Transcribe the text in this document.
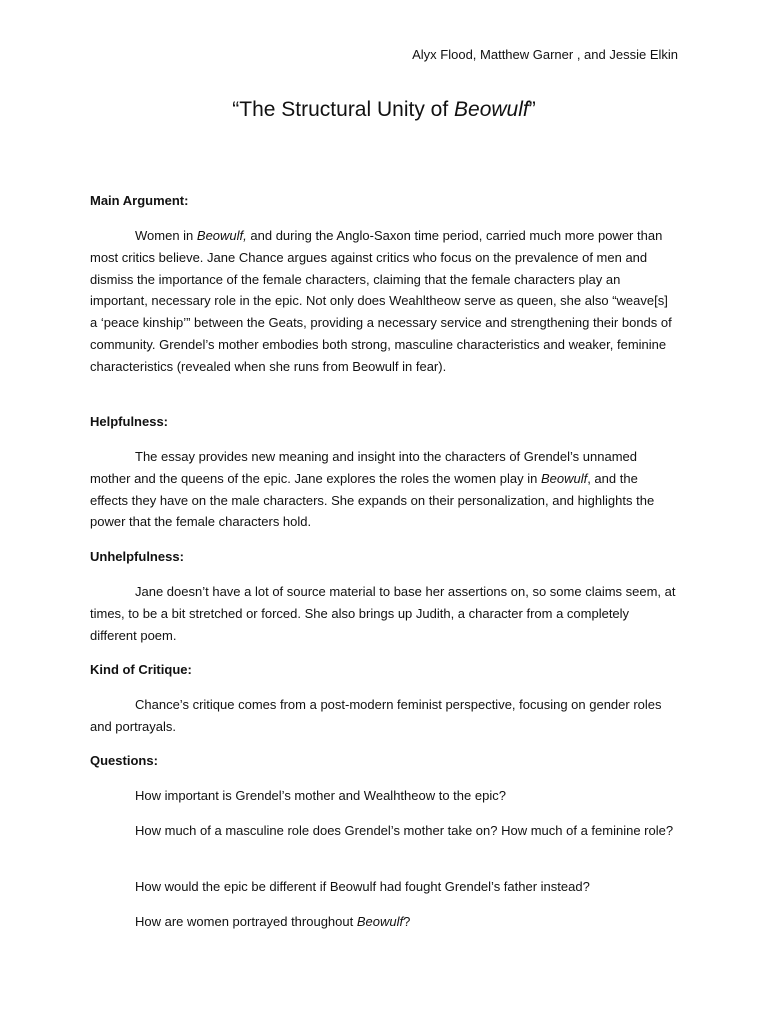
Alyx Flood, Matthew Garner , and Jessie Elkin
“The Structural Unity of Beowulf”
Main Argument:
Women in Beowulf, and during the Anglo-Saxon time period, carried much more power than most critics believe. Jane Chance argues against critics who focus on the prevalence of men and dismiss the importance of the female characters, claiming that the female characters play an important, necessary role in the epic. Not only does Weahltheow serve as queen, she also “weave[s] a ‘peace kinship’” between the Geats, providing a necessary service and strengthening their bonds of community. Grendel’s mother embodies both strong, masculine characteristics and weaker, feminine characteristics (revealed when she runs from Beowulf in fear).
Helpfulness:
The essay provides new meaning and insight into the characters of Grendel’s unnamed mother and the queens of the epic. Jane explores the roles the women play in Beowulf, and the effects they have on the male characters. She expands on their personalization, and highlights the power that the female characters hold.
Unhelpfulness:
Jane doesn’t have a lot of source material to base her assertions on, so some claims seem, at times, to be a bit stretched or forced. She also brings up Judith, a character from a completely different poem.
Kind of Critique:
Chance’s critique comes from a post-modern feminist perspective, focusing on gender roles and portrayals.
Questions:
How important is Grendel’s mother and Wealhtheow to the epic?
How much of a masculine role does Grendel’s mother take on? How much of a feminine role?
How would the epic be different if Beowulf had fought Grendel’s father instead?
How are women portrayed throughout Beowulf?
